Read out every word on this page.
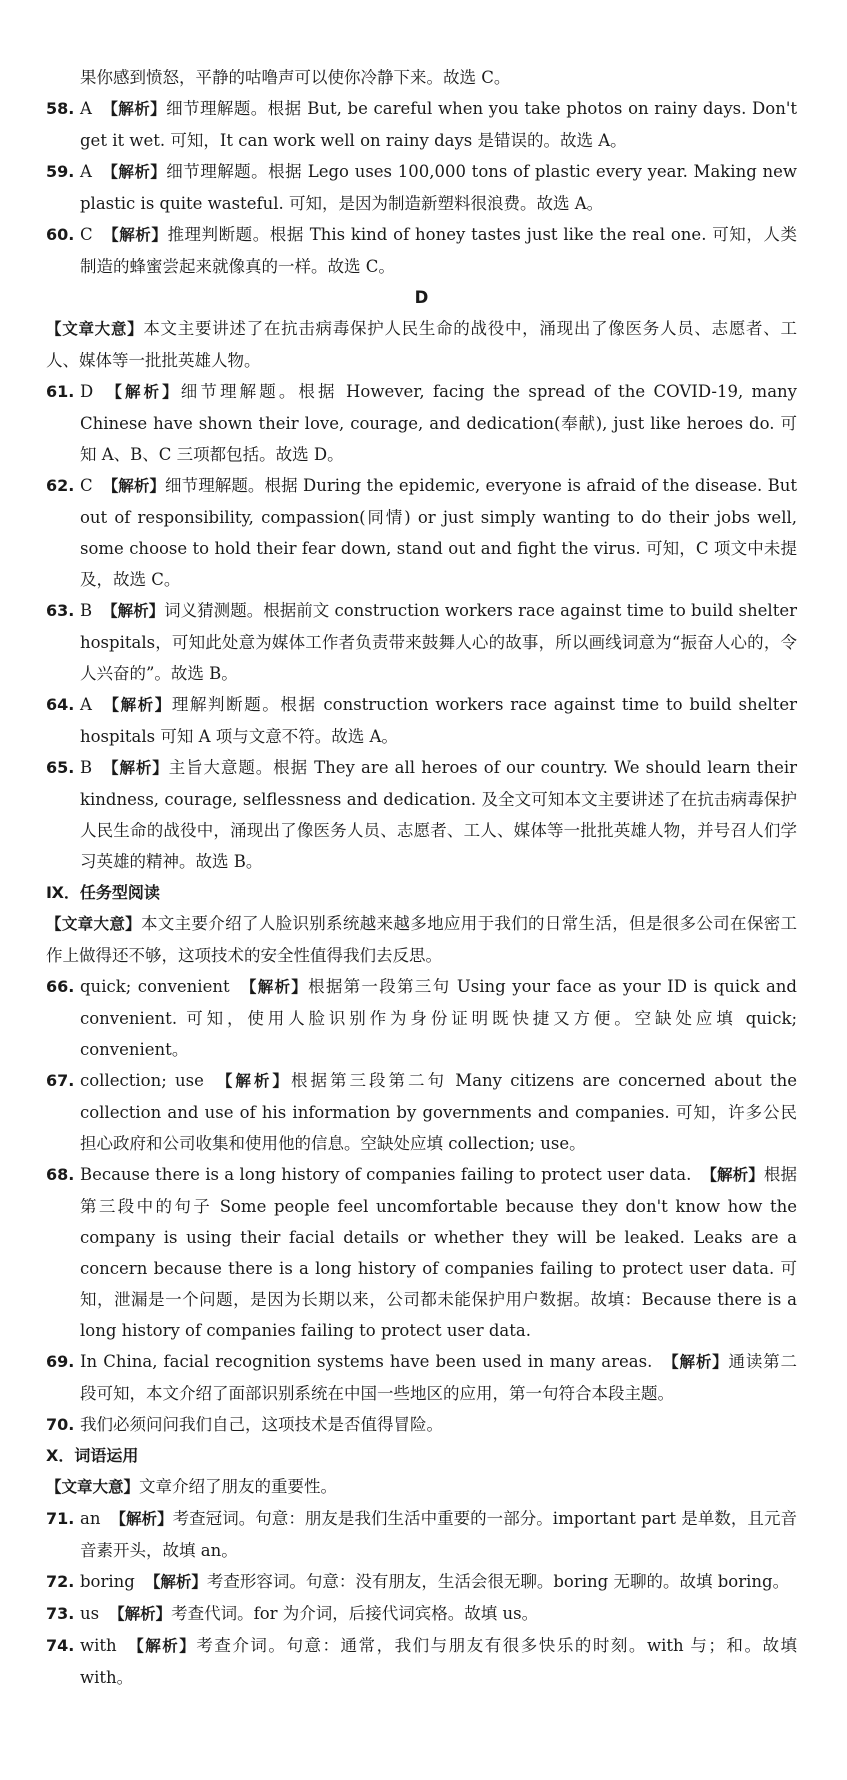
果你感到愤怒，平静的咕噜声可以使你冷静下来。故选 C。
58. A 【解析】细节理解题。根据 But, be careful when you take photos on rainy days. Don't get it wet. 可知，It can work well on rainy days 是错误的。故选 A。
59. A 【解析】细节理解题。根据 Lego uses 100,000 tons of plastic every year. Making new plastic is quite wasteful. 可知，是因为制造新塑料很浪费。故选 A。
60. C 【解析】推理判断题。根据 This kind of honey tastes just like the real one. 可知，人类制造的蜂蜜尝起来就像真的一样。故选 C。
D
【文章大意】本文主要讲述了在抗击病毒保护人民生命的战役中，涌现出了像医务人员、志愿者、工人、媒体等一批批英雄人物。
61. D 【解析】细节理解题。根据 However, facing the spread of the COVID-19, many Chinese have shown their love, courage, and dedication(奉献), just like heroes do. 可知 A、B、C 三项都包括。故选 D。
62. C 【解析】细节理解题。根据 During the epidemic, everyone is afraid of the disease. But out of responsibility, compassion(同情) or just simply wanting to do their jobs well, some choose to hold their fear down, stand out and fight the virus. 可知，C 项文中未提及，故选 C。
63. B 【解析】词义猜测题。根据前文 construction workers race against time to build shelter hospitals，可知此处意为媒体工作者负责带来鼓舞人心的故事，所以画线词意为“振奋人心的，令人兴奋的”。故选 B。
64. A 【解析】理解判断题。根据 construction workers race against time to build shelter hospitals 可知 A 项与文意不符。故选 A。
65. B 【解析】主旨大意题。根据 They are all heroes of our country. We should learn their kindness, courage, selflessness and dedication. 及全文可知本文主要讲述了在抗击病毒保护人民生命的战役中，涌现出了像医务人员、志愿者、工人、媒体等一批批英雄人物，并号召人们学习英雄的精神。故选 B。
Ⅸ．任务型阅读
【文章大意】本文主要介绍了人脸识别系统越来越多地应用于我们的日常生活，但是很多公司在保密工作上做得还不够，这项技术的安全性值得我们去反思。
66. quick; convenient 【解析】根据第一段第三句 Using your face as your ID is quick and convenient. 可知，使用人脸识别作为身份证明既快捷又方便。空缺处应填 quick; convenient。
67. collection; use 【解析】根据第三段第二句 Many citizens are concerned about the collection and use of his information by governments and companies. 可知，许多公民担心政府和公司收集和使用他的信息。空缺处应填 collection; use。
68. Because there is a long history of companies failing to protect user data. 【解析】根据第三段中的句子 Some people feel uncomfortable because they don't know how the company is using their facial details or whether they will be leaked. Leaks are a concern because there is a long history of companies failing to protect user data. 可知，泄漏是一个问题，是因为长期以来，公司都未能保护用户数据。故填：Because there is a long history of companies failing to protect user data.
69. In China, facial recognition systems have been used in many areas. 【解析】通读第二段可知，本文介绍了面部识别系统在中国一些地区的应用，第一句符合本段主题。
70. 我们必须问问我们自己，这项技术是否值得冒险。
Ⅹ．词语运用
【文章大意】文章介绍了朋友的重要性。
71. an 【解析】考查冠词。句意：朋友是我们生活中重要的一部分。important part 是单数，且元音音素开头，故填 an。
72. boring 【解析】考查形容词。句意：没有朋友，生活会很无聊。boring 无聊的。故填 boring。
73. us 【解析】考查代词。for 为介词，后接代词宾格。故填 us。
74. with 【解析】考查介词。句意：通常，我们与朋友有很多快乐的时刻。with 与；和。故填 with。
